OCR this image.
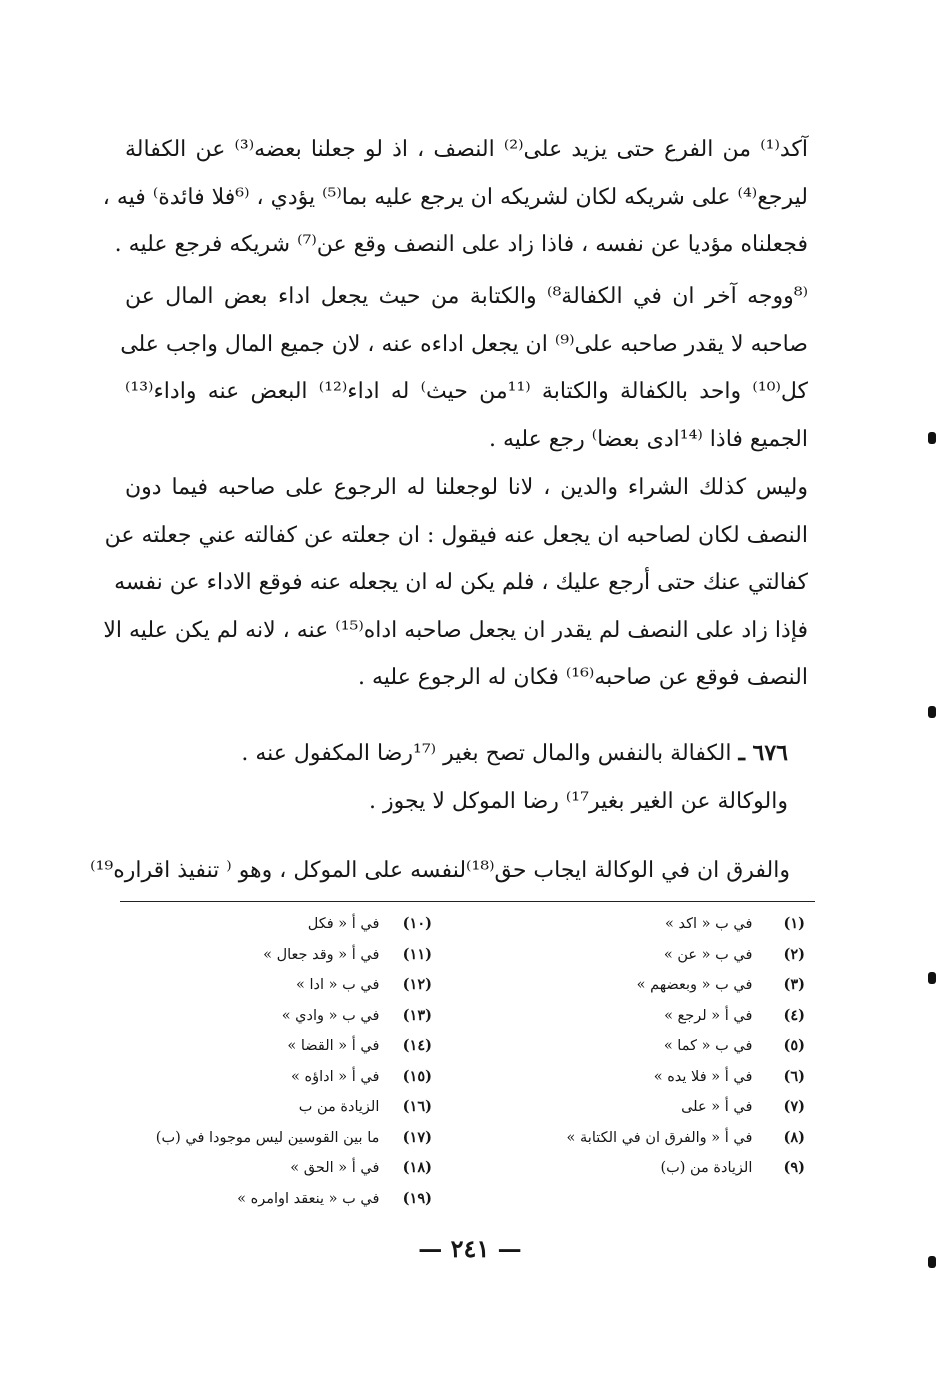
آكد⁽¹⁾ من الفرع حتى يزيد على⁽²⁾ النصف ، اذ لو جعلنا بعضه⁽³⁾ عن الكفالة
ليرجع⁽⁴⁾ على شريكه لكان لشريكه ان يرجع عليه بما⁽⁵⁾ يؤدي ، ⁽⁶فلا فائدة⁾ فيه ،
فجعلناه مؤديا عن نفسه ، فاذا زاد على النصف وقع عن⁽⁷⁾ شريكه فرجع عليه .
⁽⁸ووجه آخر ان في الكفالة⁸⁾ والكتابة من حيث يجعل اداء بعض المال عن
صاحبه لا يقدر صاحبه على⁽⁹⁾ ان يجعل اداءه عنه ، لان جميع المال واجب على
كل⁽¹⁰⁾ واحد بالكفالة والكتابة ⁽¹¹من حيث⁾ له اداء⁽¹²⁾ البعض عنه واداء⁽¹³⁾
الجميع فاذا ⁽¹⁴ادى بعضا⁾ رجع عليه .
وليس كذلك الشراء والدين ، لانا لوجعلنا له الرجوع على صاحبه فيما دون
النصف لكان لصاحبه ان يجعل عنه فيقول : ان جعلته عن كفالته عني جعلته عن
كفالتي عنك حتى أرجع عليك ، فلم يكن له ان يجعله عنه فوقع الاداء عن نفسه
فإذا زاد على النصف لم يقدر ان يجعل صاحبه اداه⁽¹⁵⁾ عنه ، لانه لم يكن عليه الا
النصف فوقع عن صاحبه⁽¹⁶⁾ فكان له الرجوع عليه .
٦٧٦ ـ الكفالة بالنفس والمال تصح بغير ⁽¹⁷رضا المكفول عنه .
والوكالة عن الغير بغير¹⁷⁾ رضا الموكل لا يجوز .
والفرق ان في الوكالة ايجاب حق⁽¹⁸⁾لنفسه على الموكل ، وهو ⁽ تنفيذ اقراره¹⁹⁾
(١) في ب « اكد »
(٢) في ب « عن »
(٣) في ب « وبعضهم »
(٤) في أ « لرجع »
(٥) في ب « كما »
(٦) في أ « فلا يده »
(٧) في أ « على
(٨) في أ « والفرق ان في الكتابة »
(٩) الزيادة من (ب)
(١٠) في أ « فكل
(١١) في أ « وقد جعال »
(١٢) في ب « ادا »
(١٣) في ب « وادي »
(١٤) في أ « القضا »
(١٥) في أ « اداؤه »
(١٦) الزيادة من ب
(١٧) ما بين القوسين ليس موجودا في (ب)
(١٨) في أ « الحق »
(١٩) في ب « ينعقد اوامره »
— ٢٤١ —
